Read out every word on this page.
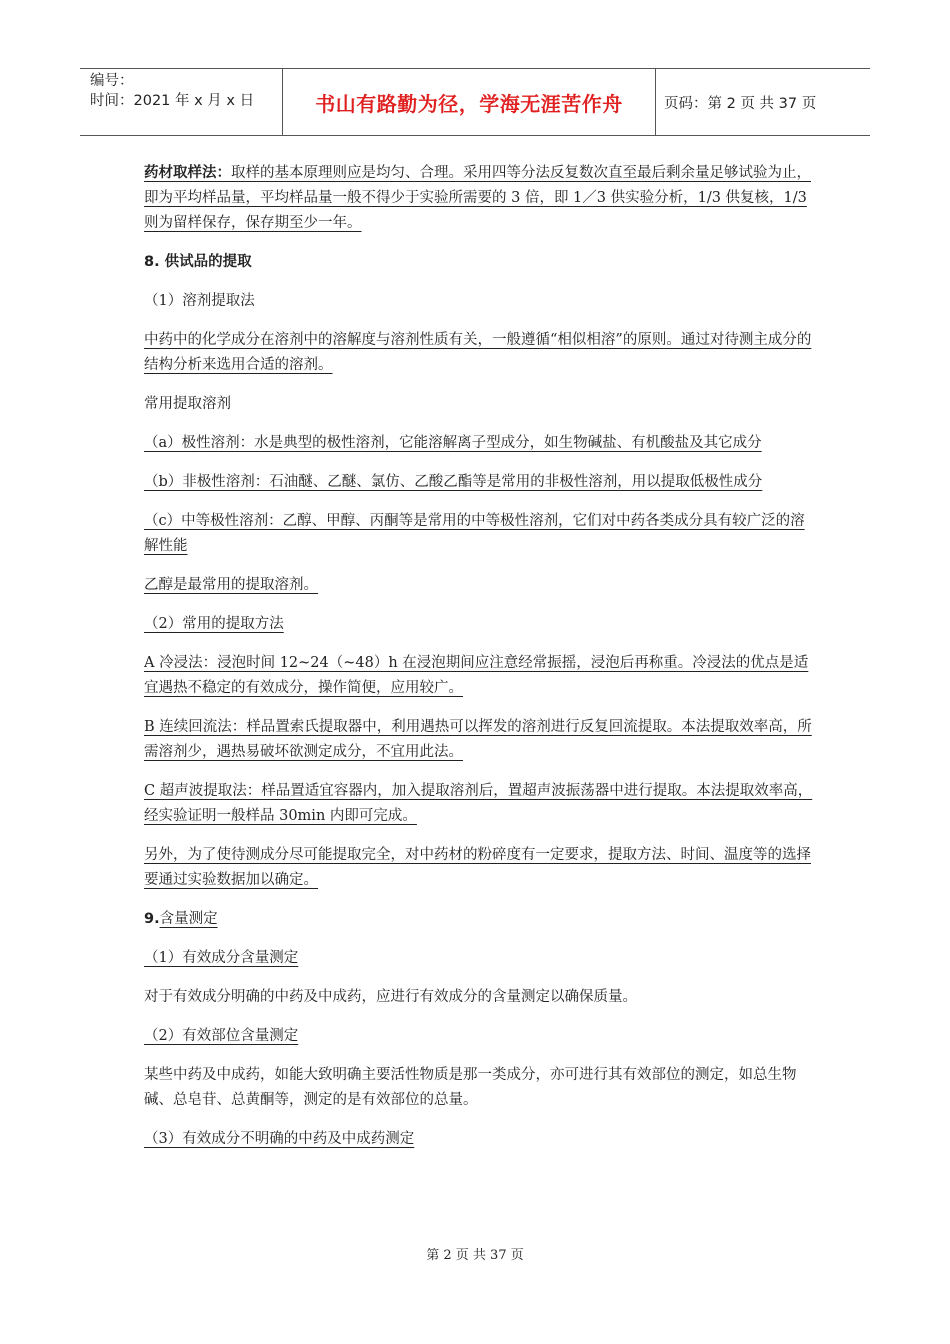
编号：
时间：2021 年 x 月 x 日	书山有路勤为径，学海无涯苦作舟	页码：第 2 页 共 37 页

药材取样法：取样的基本原理则应是均匀、合理。采用四等分法反复数次直至最后剩余量足够试验为止，即为平均样品量，平均样品量一般不得少于实验所需要的 3 倍，即 1／3 供实验分析，1/3 供复核，1/3 则为留样保存，保存期至少一年。

8. 供试品的提取

（1）溶剂提取法

中药中的化学成分在溶剂中的溶解度与溶剂性质有关，一般遵循“相似相溶”的原则。通过对待测主成分的结构分析来选用合适的溶剂。

常用提取溶剂

（a）极性溶剂：水是典型的极性溶剂，它能溶解离子型成分，如生物碱盐、有机酸盐及其它成分

（b）非极性溶剂：石油醚、乙醚、氯仿、乙酸乙酯等是常用的非极性溶剂，用以提取低极性成分

（c）中等极性溶剂：乙醇、甲醇、丙酮等是常用的中等极性溶剂，它们对中药各类成分具有较广泛的溶解性能

乙醇是最常用的提取溶剂。

（2）常用的提取方法

A 冷浸法：浸泡时间 12~24（~48）h 在浸泡期间应注意经常振摇，浸泡后再称重。冷浸法的优点是适宜遇热不稳定的有效成分，操作简便，应用较广。

B 连续回流法：样品置索氏提取器中，利用遇热可以挥发的溶剂进行反复回流提取。本法提取效率高，所需溶剂少，遇热易破坏欲测定成分，不宜用此法。

C 超声波提取法：样品置适宜容器内，加入提取溶剂后，置超声波振荡器中进行提取。本法提取效率高，经实验证明一般样品 30min 内即可完成。

另外，为了使待测成分尽可能提取完全，对中药材的粉碎度有一定要求，提取方法、时间、温度等的选择要通过实验数据加以确定。

9.含量测定

（1）有效成分含量测定

对于有效成分明确的中药及中成药，应进行有效成分的含量测定以确保质量。

（2）有效部位含量测定

某些中药及中成药，如能大致明确主要活性物质是那一类成分，亦可进行其有效部位的测定，如总生物碱、总皂苷、总黄酮等，测定的是有效部位的总量。

（3）有效成分不明确的中药及中成药测定

第 2 页 共 37 页
